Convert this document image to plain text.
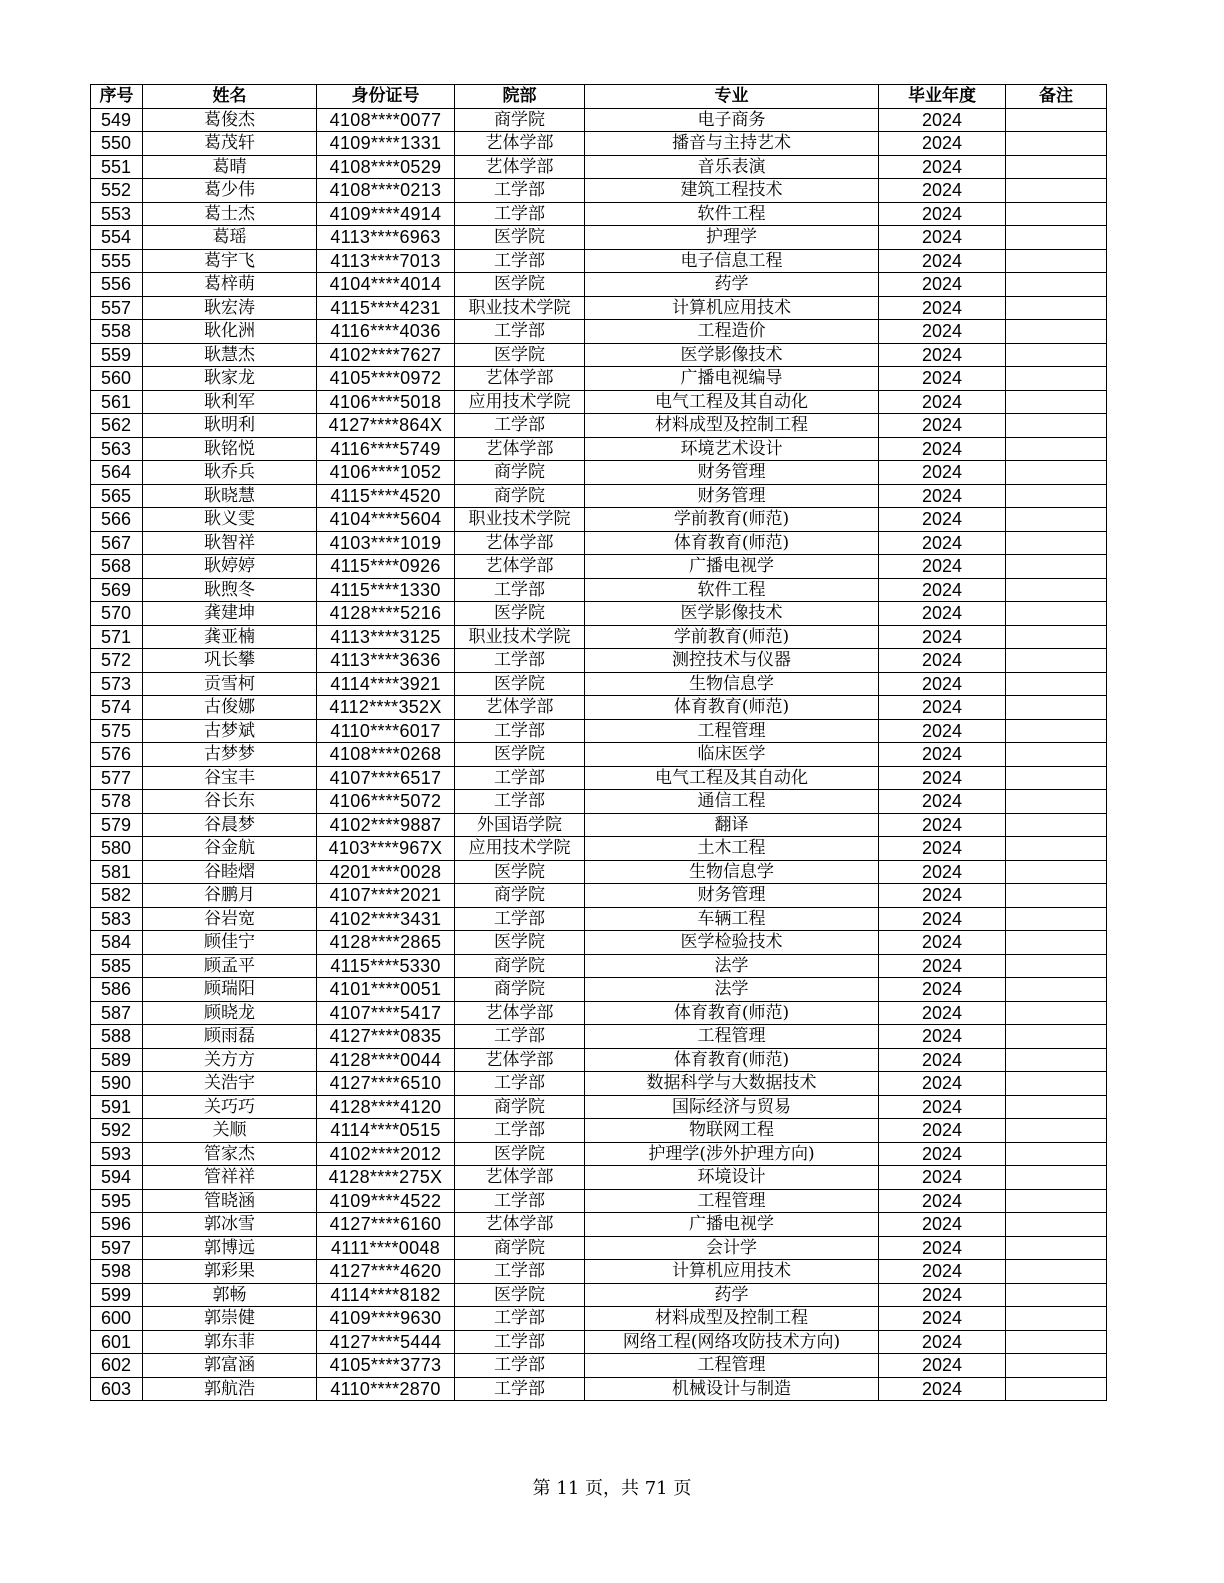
序号	姓名	身份证号	院部	专业	毕业年度	备注
549	葛俊杰	4108****0077	商学院	电子商务	2024	
550	葛茂轩	4109****1331	艺体学部	播音与主持艺术	2024	
551	葛晴	4108****0529	艺体学部	音乐表演	2024	
552	葛少伟	4108****0213	工学部	建筑工程技术	2024	
553	葛士杰	4109****4914	工学部	软件工程	2024	
554	葛瑶	4113****6963	医学院	护理学	2024	
555	葛宇飞	4113****7013	工学部	电子信息工程	2024	
556	葛梓萌	4104****4014	医学院	药学	2024	
557	耿宏涛	4115****4231	职业技术学院	计算机应用技术	2024	
558	耿化洲	4116****4036	工学部	工程造价	2024	
559	耿慧杰	4102****7627	医学院	医学影像技术	2024	
560	耿家龙	4105****0972	艺体学部	广播电视编导	2024	
561	耿利军	4106****5018	应用技术学院	电气工程及其自动化	2024	
562	耿明利	4127****864X	工学部	材料成型及控制工程	2024	
563	耿铭悦	4116****5749	艺体学部	环境艺术设计	2024	
564	耿乔兵	4106****1052	商学院	财务管理	2024	
565	耿晓慧	4115****4520	商学院	财务管理	2024	
566	耿义雯	4104****5604	职业技术学院	学前教育(师范)	2024	
567	耿智祥	4103****1019	艺体学部	体育教育(师范)	2024	
568	耿婷婷	4115****0926	艺体学部	广播电视学	2024	
569	耿煦冬	4115****1330	工学部	软件工程	2024	
570	龚建坤	4128****5216	医学院	医学影像技术	2024	
571	龚亚楠	4113****3125	职业技术学院	学前教育(师范)	2024	
572	巩长攀	4113****3636	工学部	测控技术与仪器	2024	
573	贡雪柯	4114****3921	医学院	生物信息学	2024	
574	古俊娜	4112****352X	艺体学部	体育教育(师范)	2024	
575	古梦斌	4110****6017	工学部	工程管理	2024	
576	古梦梦	4108****0268	医学院	临床医学	2024	
577	谷宝丰	4107****6517	工学部	电气工程及其自动化	2024	
578	谷长东	4106****5072	工学部	通信工程	2024	
579	谷晨梦	4102****9887	外国语学院	翻译	2024	
580	谷金航	4103****967X	应用技术学院	土木工程	2024	
581	谷睦熠	4201****0028	医学院	生物信息学	2024	
582	谷鹏月	4107****2021	商学院	财务管理	2024	
583	谷岩宽	4102****3431	工学部	车辆工程	2024	
584	顾佳宁	4128****2865	医学院	医学检验技术	2024	
585	顾孟平	4115****5330	商学院	法学	2024	
586	顾瑞阳	4101****0051	商学院	法学	2024	
587	顾晓龙	4107****5417	艺体学部	体育教育(师范)	2024	
588	顾雨磊	4127****0835	工学部	工程管理	2024	
589	关方方	4128****0044	艺体学部	体育教育(师范)	2024	
590	关浩宇	4127****6510	工学部	数据科学与大数据技术	2024	
591	关巧巧	4128****4120	商学院	国际经济与贸易	2024	
592	关顺	4114****0515	工学部	物联网工程	2024	
593	管家杰	4102****2012	医学院	护理学(涉外护理方向)	2024	
594	管祥祥	4128****275X	艺体学部	环境设计	2024	
595	管晓涵	4109****4522	工学部	工程管理	2024	
596	郭冰雪	4127****6160	艺体学部	广播电视学	2024	
597	郭博远	4111****0048	商学院	会计学	2024	
598	郭彩果	4127****4620	工学部	计算机应用技术	2024	
599	郭畅	4114****8182	医学院	药学	2024	
600	郭崇健	4109****9630	工学部	材料成型及控制工程	2024	
601	郭东菲	4127****5444	工学部	网络工程(网络攻防技术方向)	2024	
602	郭富涵	4105****3773	工学部	工程管理	2024	
603	郭航浩	4110****2870	工学部	机械设计与制造	2024	
第 11 页，共 71 页
